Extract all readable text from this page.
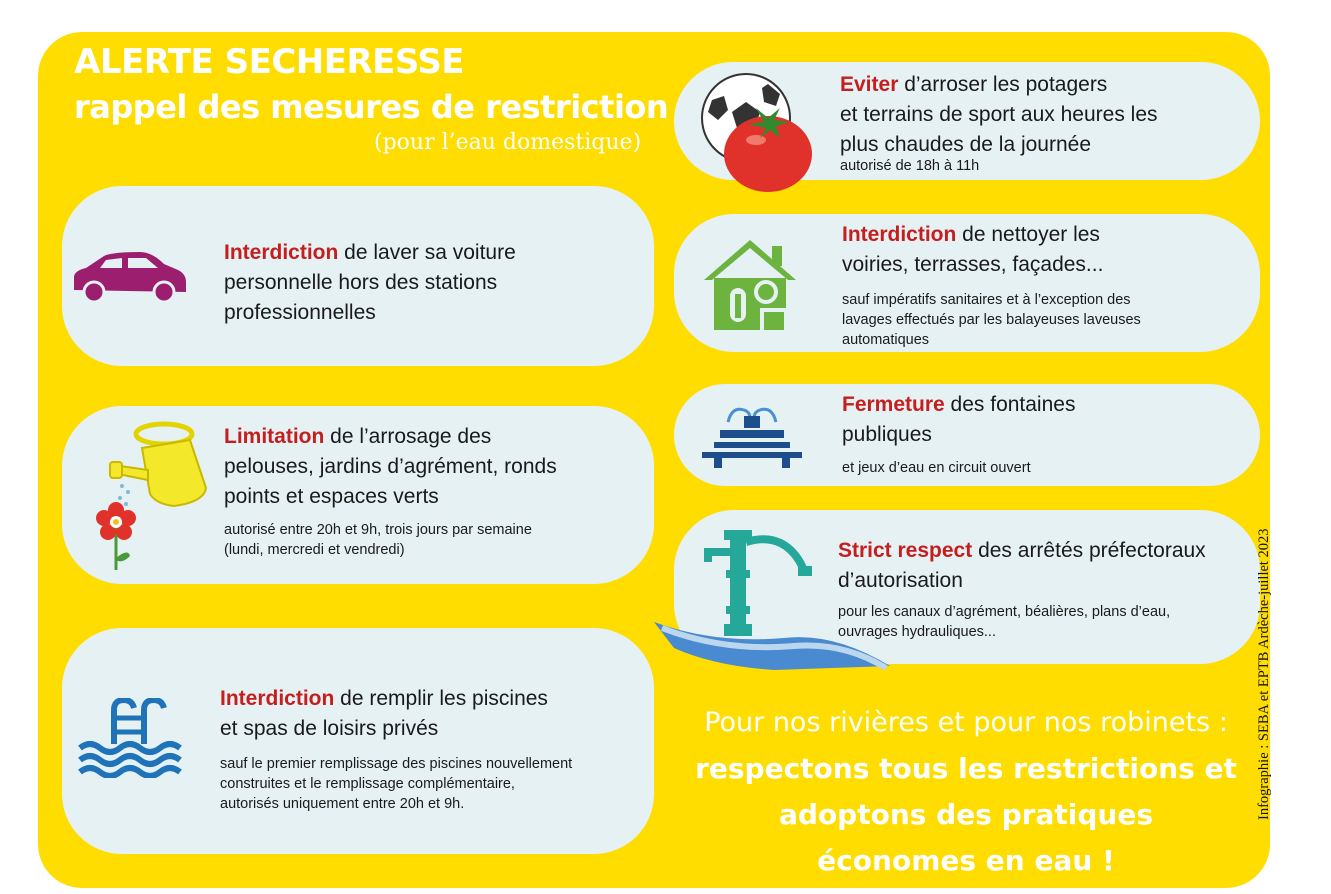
ALERTE SECHERESSE
rappel des mesures de restriction
(pour l’eau domestique)
Interdiction de laver sa voiture
personnelle hors des stations
professionnelles
Limitation de l’arrosage des
pelouses, jardins d’agrément, ronds
points et espaces verts
autorisé entre 20h et 9h, trois jours par semaine
(lundi, mercredi et vendredi)
Interdiction de remplir les piscines
et spas de loisirs privés
sauf le premier remplissage des piscines nouvellement
construites et le remplissage complémentaire,
autorisés uniquement entre 20h et 9h.
Eviter d’arroser les potagers
et terrains de sport aux heures les
plus chaudes de la journée
autorisé de 18h à 11h
Interdiction de nettoyer les
voiries, terrasses, façades...
sauf impératifs sanitaires et à l’exception des
lavages effectués par les balayeuses laveuses
automatiques
Fermeture des fontaines
publiques
et jeux d’eau en circuit ouvert
Strict respect des arrêtés préfectoraux
d’autorisation
pour les canaux d’agrément, béalières, plans d’eau,
ouvrages hydrauliques...
Pour nos rivières et pour nos robinets :
respectons tous les restrictions et
adoptons des pratiques
économes en eau !
Infographie : SEBA et EPTB Ardèche-juillet 2023
